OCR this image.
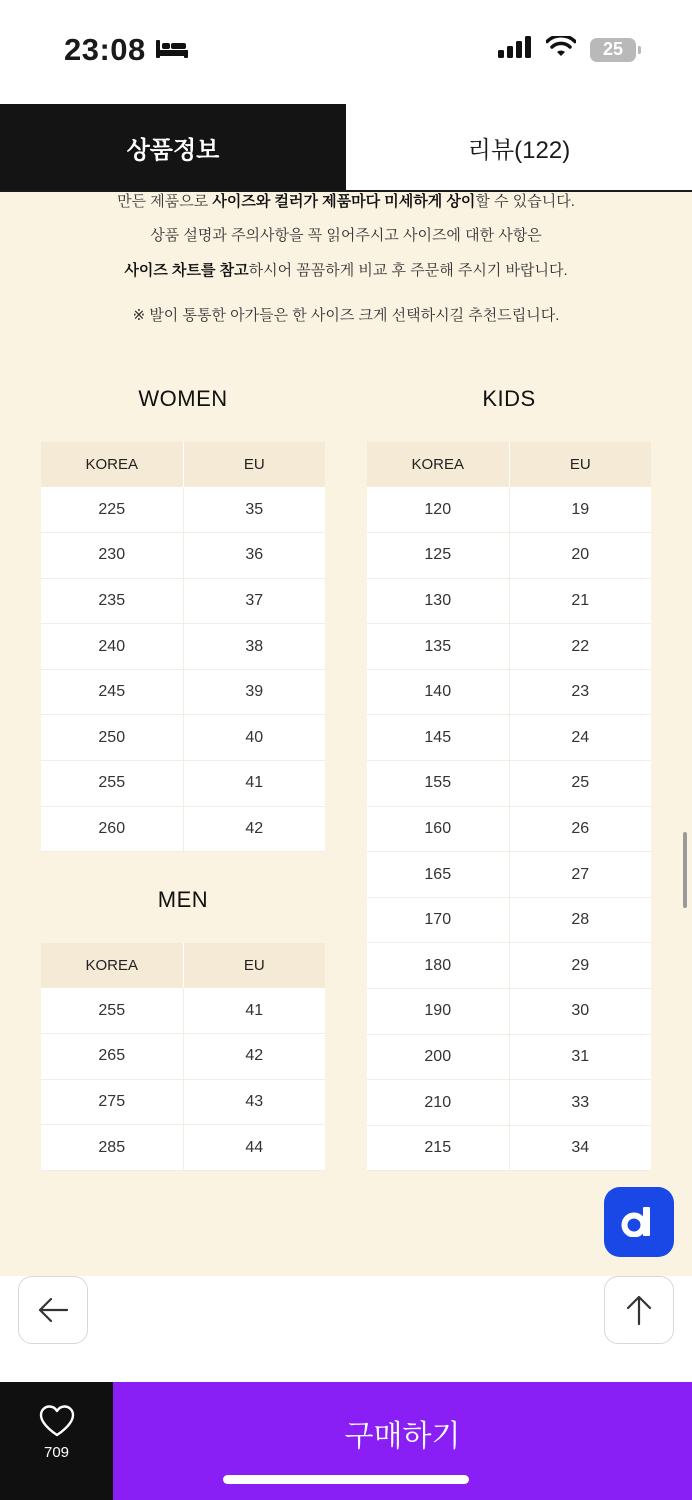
23:08	25
상품정보	리뷰(122)
만든 제품으로 사이즈와 컬러가 제품마다 미세하게 상이할 수 있습니다.
상품 설명과 주의사항을 꼭 읽어주시고 사이즈에 대한 사항은
사이즈 차트를 참고하시어 꼼꼼하게 비교 후 주문해 주시기 바랍니다.
※ 발이 통통한 아가들은 한 사이즈 크게 선택하시길 추천드립니다.
WOMEN
KOREA	EU
225	35
230	36
235	37
240	38
245	39
250	40
255	41
260	42
MEN
KOREA	EU
255	41
265	42
275	43
285	44
KIDS
KOREA	EU
120	19
125	20
130	21
135	22
140	23
145	24
155	25
160	26
165	27
170	28
180	29
190	30
200	31
210	33
215	34
709	구매하기
